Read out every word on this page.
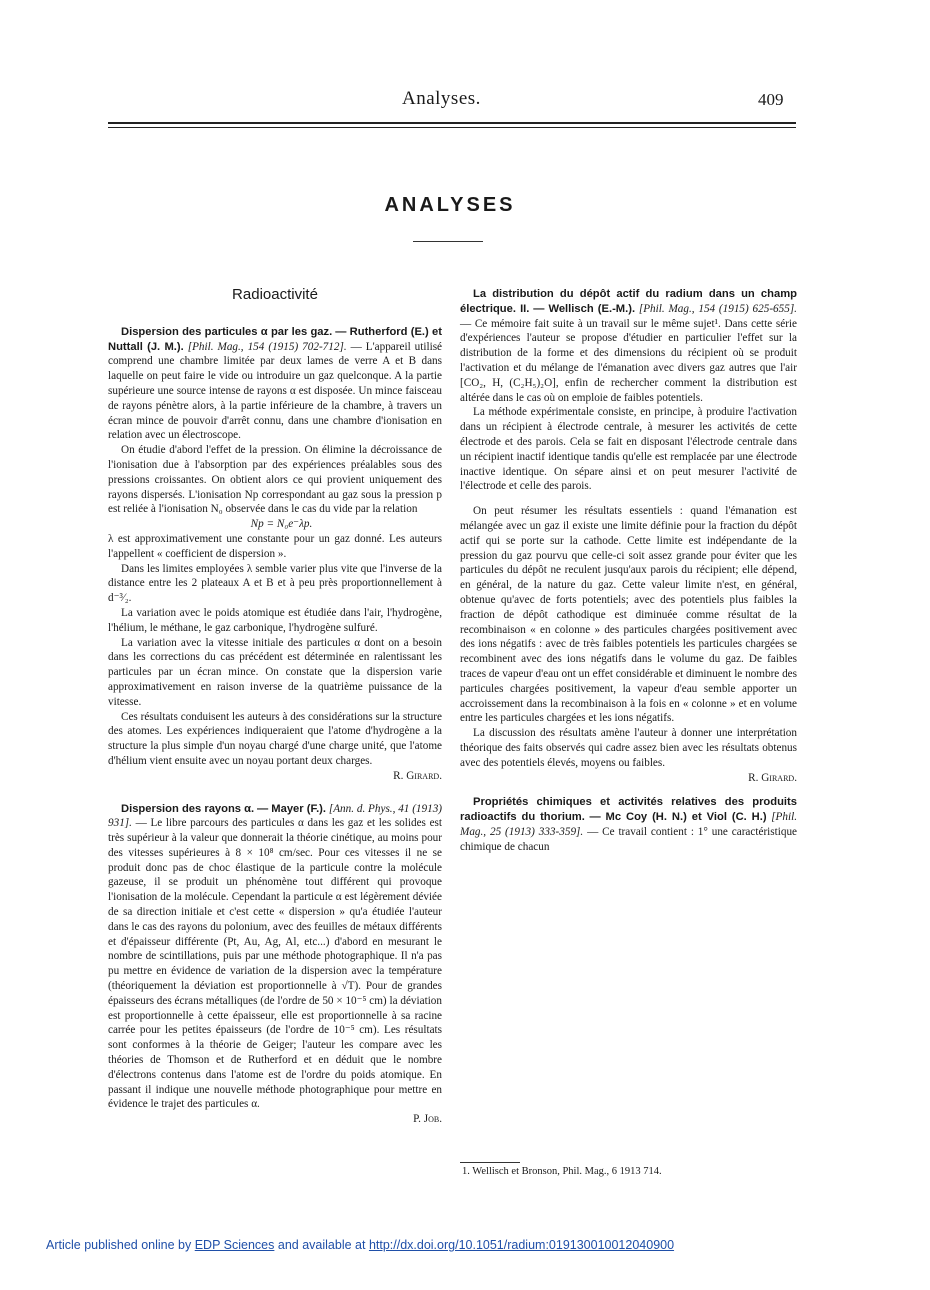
Analyses.	409
ANALYSES
Radioactivité

Dispersion des particules α par les gaz. — Rutherford (E.) et Nuttall (J. M.). [Phil. Mag., 154 (1915) 702-712]. — L'appareil utilisé comprend une chambre limitée par deux lames de verre A et B dans laquelle on peut faire le vide ou introduire un gaz quelconque. A la partie supérieure une source intense de rayons α est disposée. Un mince faisceau de rayons pénètre alors, à la partie inférieure de la chambre, à travers un écran mince de pouvoir d'arrêt connu, dans une chambre d'ionisation en relation avec un électroscope.

On étudie d'abord l'effet de la pression. On élimine la décroissance de l'ionisation due à l'absorption par des expériences préalables sous des pressions croissantes. On obtient alors ce qui provient uniquement des rayons dispersés. L'ionisation Np correspondant au gaz sous la pression p est reliée à l'ionisation N₀ observée dans le cas du vide par la relation

Np = N₀e⁻λp.

λ est approximativement une constante pour un gaz donné. Les auteurs l'appellent « coefficient de dispersion ».

Dans les limites employées λ semble varier plus vite que l'inverse de la distance entre les 2 plateaux A et B et à peu près proportionnellement à d⁻³⁄₂.

La variation avec le poids atomique est étudiée dans l'air, l'hydrogène, l'hélium, le méthane, le gaz carbonique, l'hydrogène sulfuré.

La variation avec la vitesse initiale des particules α dont on a besoin dans les corrections du cas précédent est déterminée en ralentissant les particules par un écran mince. On constate que la dispersion varie approximativement en raison inverse de la quatrième puissance de la vitesse.

Ces résultats conduisent les auteurs à des considérations sur la structure des atomes. Les expériences indiqueraient que l'atome d'hydrogène a la structure la plus simple d'un noyau chargé d'une charge unité, que l'atome d'hélium vient ensuite avec un noyau portant deux charges.

R. Girard.

Dispersion des rayons α. — Mayer (F.). [Ann. d. Phys., 41 (1913) 931]. — Le libre parcours des particules α dans les gaz et les solides est très supérieur à la valeur que donnerait la théorie cinétique, au moins pour des vitesses supérieures à 8 × 10⁸ cm/sec. Pour ces vitesses il ne se produit donc pas de choc élastique de la particule contre la molécule gazeuse, il se produit un phénomène tout différent qui provoque l'ionisation de la molécule. Cependant la particule α est légèrement déviée de sa direction initiale et c'est cette « dispersion » qu'a étudiée l'auteur dans le cas des rayons du polonium, avec des feuilles de métaux différents et d'épaisseur différente (Pt, Au, Ag, Al, etc...) d'abord en mesurant le nombre de scintillations, puis par une méthode photographique. Il n'a pas pu mettre en évidence de variation de la dispersion avec la température (théoriquement la déviation est proportionnelle à √T). Pour de grandes épaisseurs des écrans métalliques (de l'ordre de 50 × 10⁻⁵ cm) la déviation est proportionnelle à cette épaisseur, elle est proportionnelle à sa racine carrée pour les petites épaisseurs (de l'ordre de 10⁻⁵ cm). Les résultats sont conformes à la théorie de Geiger; l'auteur les compare avec les théories de Thomson et de Rutherford et en déduit que le nombre d'électrons contenus dans l'atome est de l'ordre du poids atomique. En passant il indique une nouvelle méthode photographique pour mettre en évidence le trajet des particules α.

P. Job.

La distribution du dépôt actif du radium dans un champ électrique. II. — Wellisch (E.-M.). [Phil. Mag., 154 (1915) 625-655]. — Ce mémoire fait suite à un travail sur le même sujet¹. Dans cette série d'expériences l'auteur se propose d'étudier en particulier l'effet sur la distribution de la forme et des dimensions du récipient où se produit l'activation et du mélange de l'émanation avec divers gaz autres que l'air [CO₂, H, (C₂H₅)₂O], enfin de rechercher comment la distribution est altérée dans le cas où on emploie de faibles potentiels.

La méthode expérimentale consiste, en principe, à produire l'activation dans un récipient à électrode centrale, à mesurer les activités de cette électrode et des parois. Cela se fait en disposant l'électrode centrale dans un récipient inactif identique tandis qu'elle est remplacée par une électrode inactive identique. On sépare ainsi et on peut mesurer l'activité de l'électrode et celle des parois.

On peut résumer les résultats essentiels : quand l'émanation est mélangée avec un gaz il existe une limite définie pour la fraction du dépôt actif qui se porte sur la cathode. Cette limite est indépendante de la pression du gaz pourvu que celle-ci soit assez grande pour éviter que les particules du dépôt ne reculent jusqu'aux parois du récipient; elle dépend, en général, de la nature du gaz. Cette valeur limite n'est, en général, obtenue qu'avec de forts potentiels; avec des potentiels plus faibles la fraction de dépôt cathodique est diminuée comme résultat de la recombinaison « en colonne » des particules chargées positivement avec des ions négatifs : avec de très faibles potentiels les particules chargées se recombinent avec des ions négatifs dans le volume du gaz. De faibles traces de vapeur d'eau ont un effet considérable et diminuent le nombre des particules chargées positivement, la vapeur d'eau semble apporter un accroissement dans la recombinaison à la fois en « colonne » et en volume entre les particules chargées et les ions négatifs.

La discussion des résultats amène l'auteur à donner une interprétation théorique des faits observés qui cadre assez bien avec les résultats obtenus avec des potentiels élevés, moyens ou faibles.

R. Girard.

Propriétés chimiques et activités relatives des produits radioactifs du thorium. — Mc Coy (H. N.) et Viol (C. H.) [Phil. Mag., 25 (1913) 333-359]. — Ce travail contient : 1° une caractéristique chimique de chacun

1. Wellisch et Bronson, Phil. Mag., 6 1913 714.
Article published online by EDP Sciences and available at http://dx.doi.org/10.1051/radium:019130010012040900
